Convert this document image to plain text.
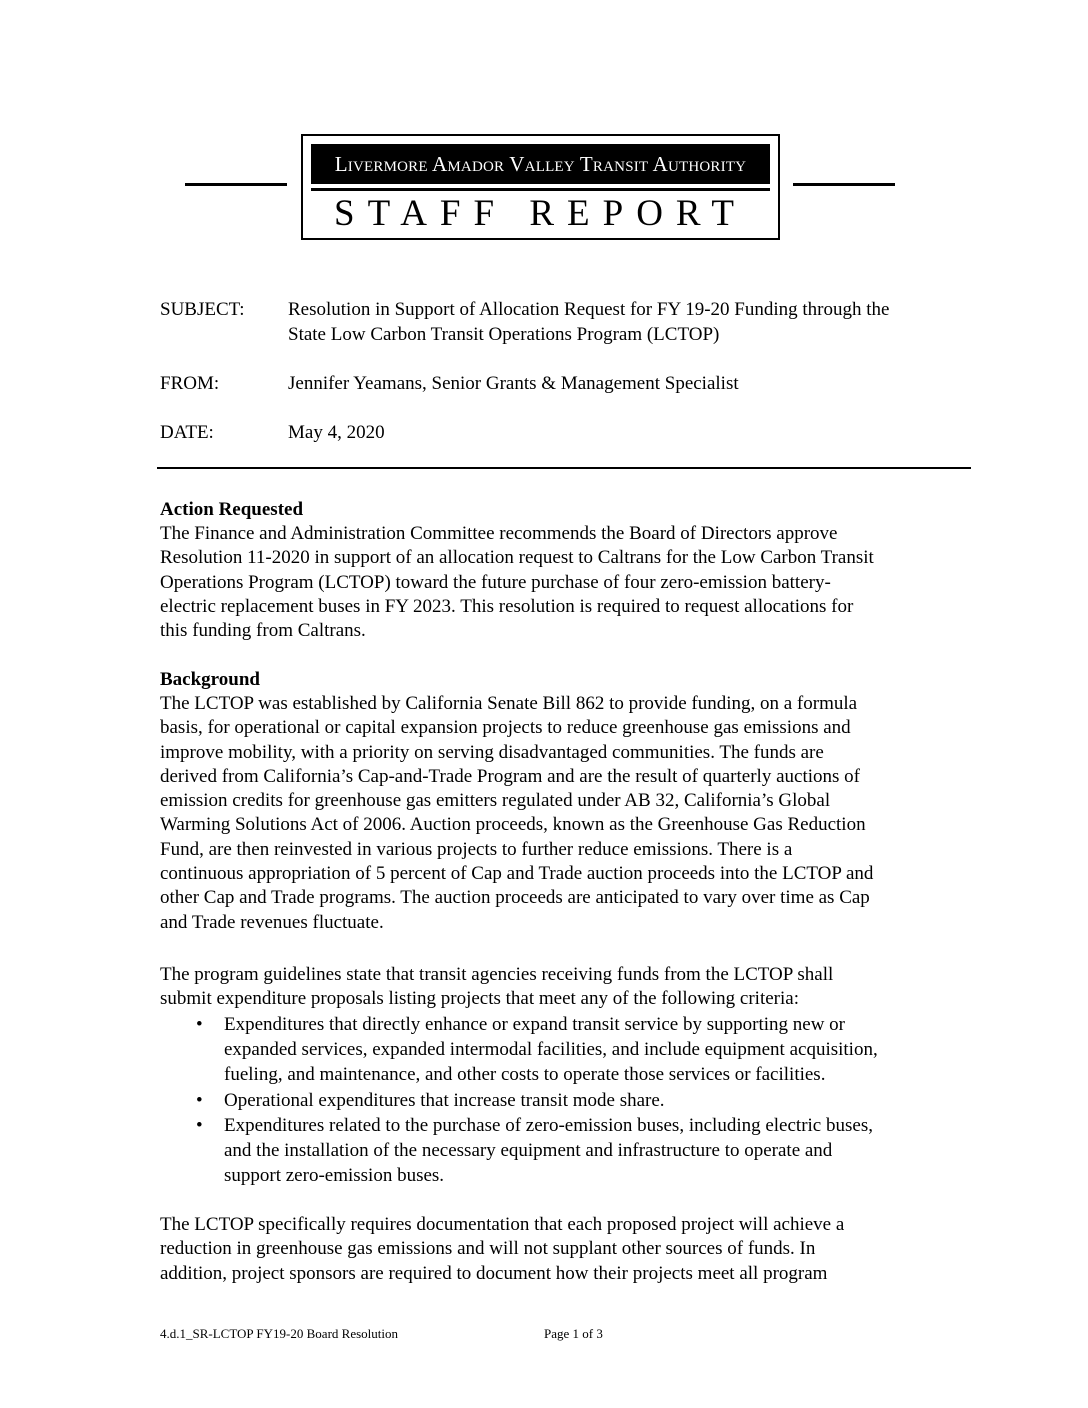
Livermore Amador Valley Transit Authority
STAFF REPORT
SUBJECT: Resolution in Support of Allocation Request for FY 19-20 Funding through the
State Low Carbon Transit Operations Program (LCTOP)
FROM:	Jennifer Yeamans, Senior Grants & Management Specialist
DATE:	May 4, 2020
Action Requested
The Finance and Administration Committee recommends the Board of Directors approve
Resolution 11-2020 in support of an allocation request to Caltrans for the Low Carbon Transit
Operations Program (LCTOP) toward the future purchase of four zero-emission battery-
electric replacement buses in FY 2023. This resolution is required to request allocations for
this funding from Caltrans.
Background
The LCTOP was established by California Senate Bill 862 to provide funding, on a formula
basis, for operational or capital expansion projects to reduce greenhouse gas emissions and
improve mobility, with a priority on serving disadvantaged communities. The funds are
derived from California’s Cap-and-Trade Program and are the result of quarterly auctions of
emission credits for greenhouse gas emitters regulated under AB 32, California’s Global
Warming Solutions Act of 2006. Auction proceeds, known as the Greenhouse Gas Reduction
Fund, are then reinvested in various projects to further reduce emissions. There is a
continuous appropriation of 5 percent of Cap and Trade auction proceeds into the LCTOP and
other Cap and Trade programs. The auction proceeds are anticipated to vary over time as Cap
and Trade revenues fluctuate.
The program guidelines state that transit agencies receiving funds from the LCTOP shall
submit expenditure proposals listing projects that meet any of the following criteria:
• Expenditures that directly enhance or expand transit service by supporting new or
expanded services, expanded intermodal facilities, and include equipment acquisition,
fueling, and maintenance, and other costs to operate those services or facilities.
• Operational expenditures that increase transit mode share.
• Expenditures related to the purchase of zero-emission buses, including electric buses,
and the installation of the necessary equipment and infrastructure to operate and
support zero-emission buses.
The LCTOP specifically requires documentation that each proposed project will achieve a
reduction in greenhouse gas emissions and will not supplant other sources of funds. In
addition, project sponsors are required to document how their projects meet all program
4.d.1_SR-LCTOP FY19-20 Board Resolution	Page 1 of 3
